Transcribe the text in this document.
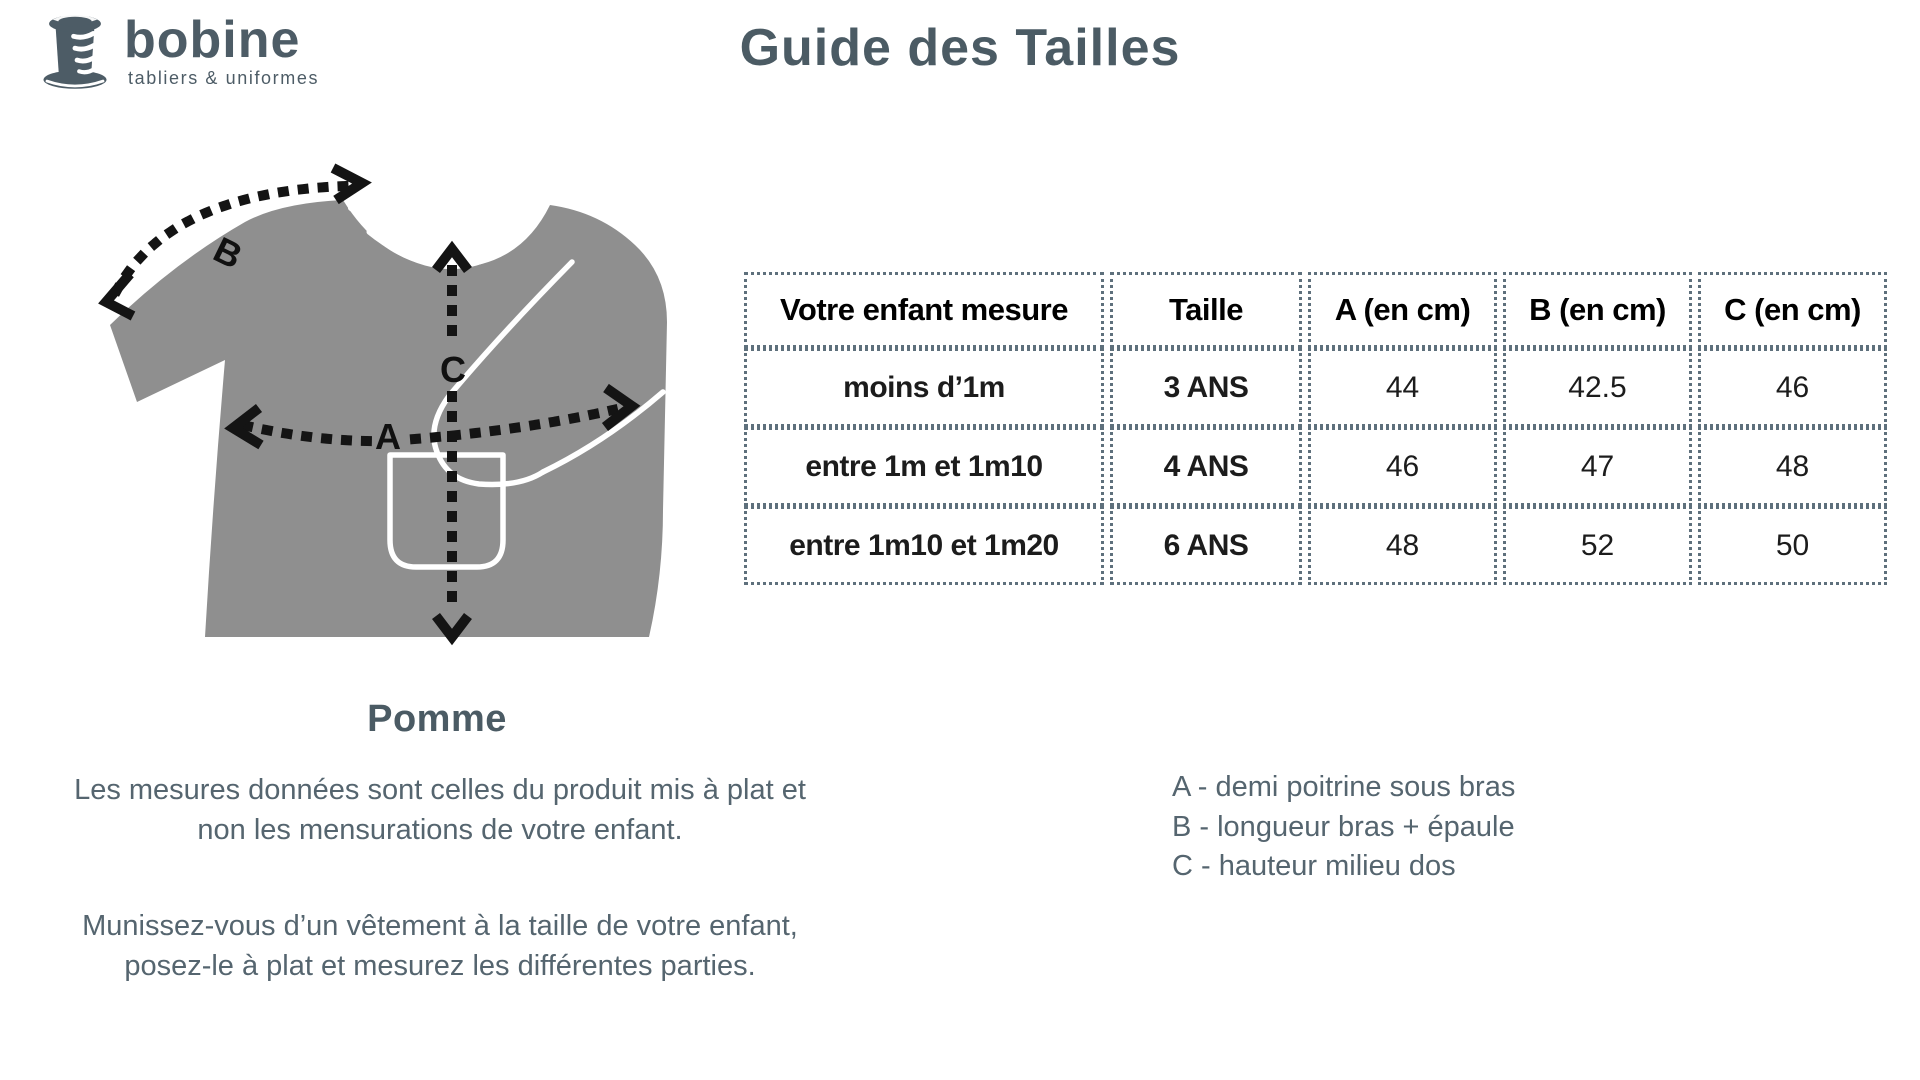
bobine
tabliers & uniformes
Guide des Tailles
A
B
C
Pomme
Votre enfant mesure	Taille	A (en cm)	B (en cm)	C (en cm)
moins d’1m	3 ANS	44	42.5	46
entre 1m et 1m10	4 ANS	46	47	48
entre 1m10 et 1m20	6 ANS	48	52	50
Les mesures données sont celles du produit mis à plat et
non les mensurations de votre enfant.
Munissez-vous d’un vêtement à la taille de votre enfant,
posez-le à plat et mesurez les différentes parties.
A - demi poitrine sous bras
B - longueur bras + épaule
C - hauteur milieu dos
